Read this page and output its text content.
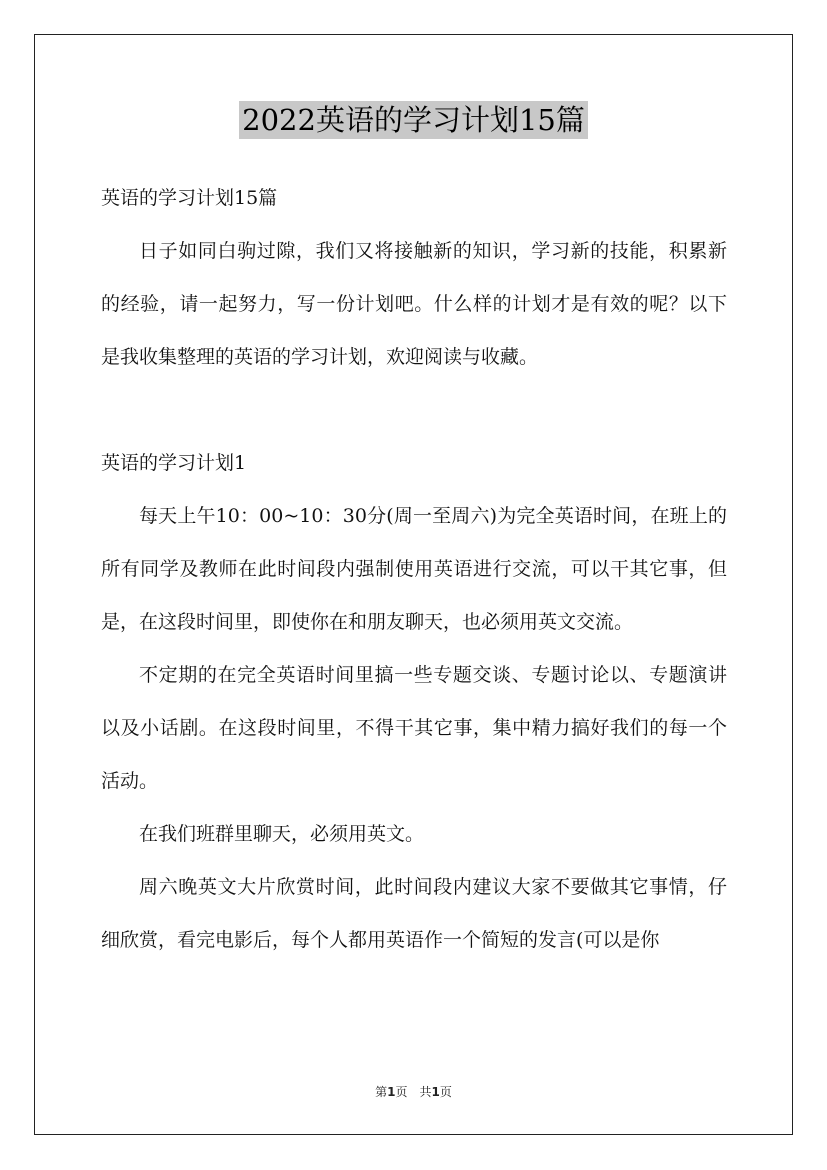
2022英语的学习计划15篇

英语的学习计划15篇

日子如同白驹过隙，我们又将接触新的知识，学习新的技能，积累新的经验，请一起努力，写一份计划吧。什么样的计划才是有效的呢？以下是我收集整理的英语的学习计划，欢迎阅读与收藏。

英语的学习计划1

每天上午10：00~10：30分(周一至周六)为完全英语时间，在班上的所有同学及教师在此时间段内强制使用英语进行交流，可以干其它事，但是，在这段时间里，即使你在和朋友聊天，也必须用英文交流。

不定期的在完全英语时间里搞一些专题交谈、专题讨论以、专题演讲以及小话剧。在这段时间里，不得干其它事，集中精力搞好我们的每一个活动。

在我们班群里聊天，必须用英文。

周六晚英文大片欣赏时间，此时间段内建议大家不要做其它事情，仔细欣赏，看完电影后，每个人都用英语作一个简短的发言(可以是你

第1页　共1页
